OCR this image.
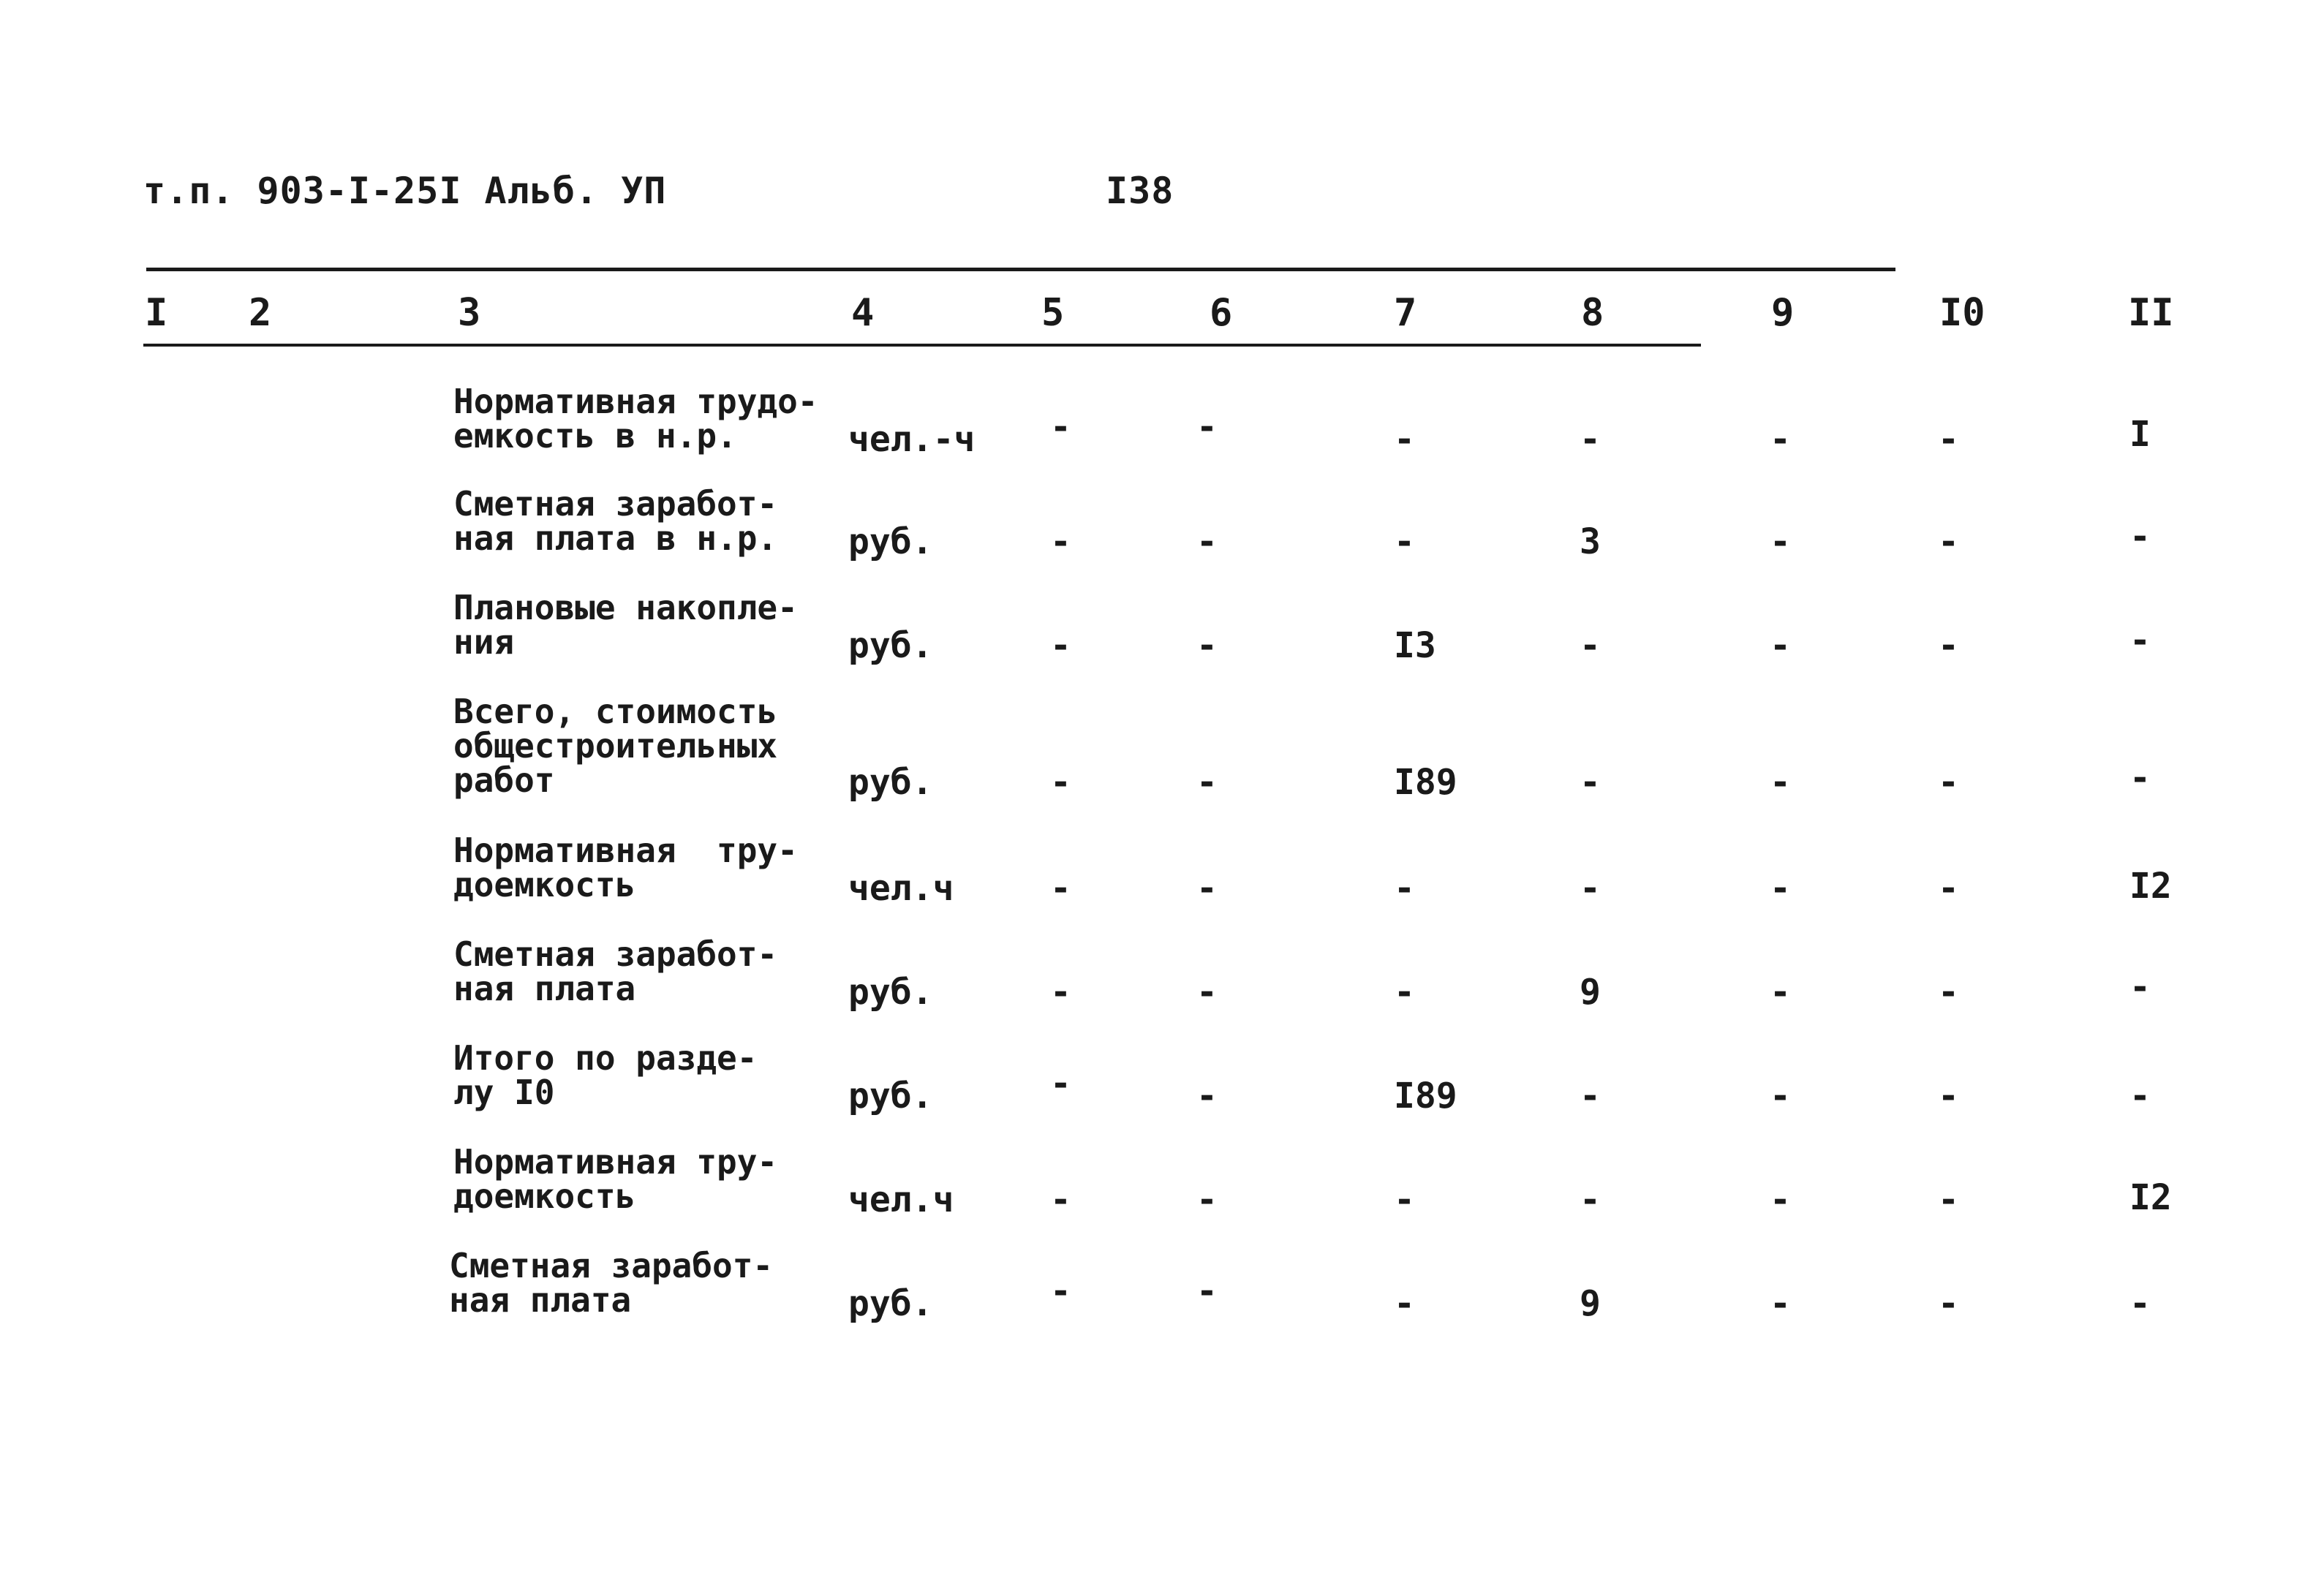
т.п. 903-I-25I Альб. УП	I38
I 2	3	4	5	6	7	8	9	I0	II
Нормативная трудо-
емкость в н.р.	чел.-ч -	-	-	-	-	-	I
Сметная заработ-
ная плата в н.р.	руб.	-	-	-	3	-	-	-
Плановые накопле-
ния	руб.	-	-	I3	-	-	-	-
Всего, стоимость
общестроительных
работ	руб.	-	-	I89	-	-	-	-
Нормативная  тру-
доемкость	чел.ч	-	-	-	-	-	-	I2
Сметная заработ-
ная плата	руб.	-	-	-	9	-	-	-
Итого по разде-
лу I0	руб.	-	-	I89	-	-	-	-
Нормативная тру-
доемкость	чел.ч	-	-	-	-	-	-	I2
Сметная заработ-
ная плата	руб.	-	-	-	9	-	-	-
